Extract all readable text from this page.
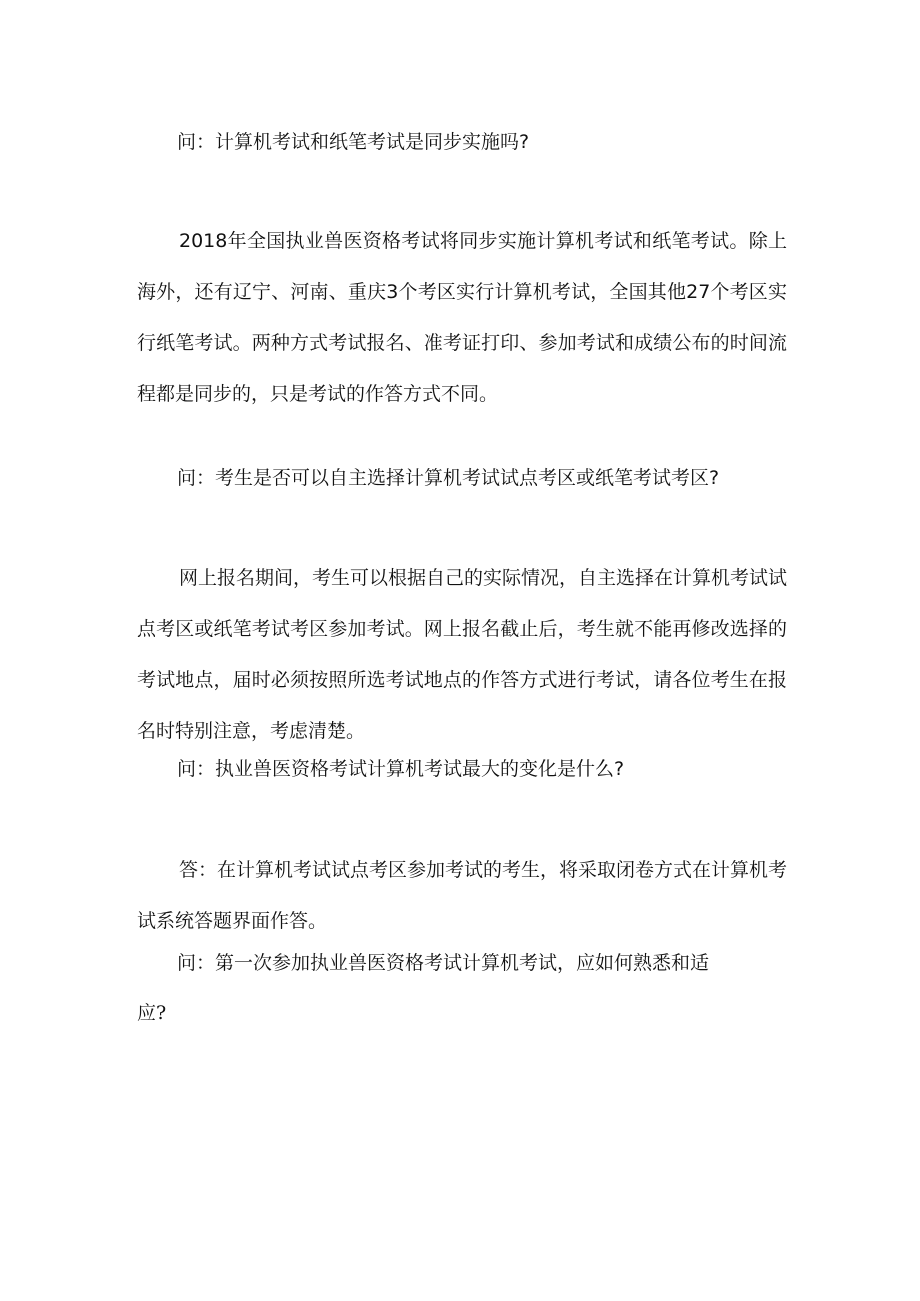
问：计算机考试和纸笔考试是同步实施吗?

2018年全国执业兽医资格考试将同步实施计算机考试和纸笔考试。除上海外，还有辽宁、河南、重庆3个考区实行计算机考试，全国其他27个考区实行纸笔考试。两种方式考试报名、准考证打印、参加考试和成绩公布的时间流程都是同步的，只是考试的作答方式不同。

问：考生是否可以自主选择计算机考试试点考区或纸笔考试考区?

网上报名期间，考生可以根据自己的实际情况，自主选择在计算机考试试点考区或纸笔考试考区参加考试。网上报名截止后，考生就不能再修改选择的考试地点，届时必须按照所选考试地点的作答方式进行考试，请各位考生在报名时特别注意，考虑清楚。

问：执业兽医资格考试计算机考试最大的变化是什么?

答：在计算机考试试点考区参加考试的考生，将采取闭卷方式在计算机考试系统答题界面作答。

问：第一次参加执业兽医资格考试计算机考试，应如何熟悉和适

应?
